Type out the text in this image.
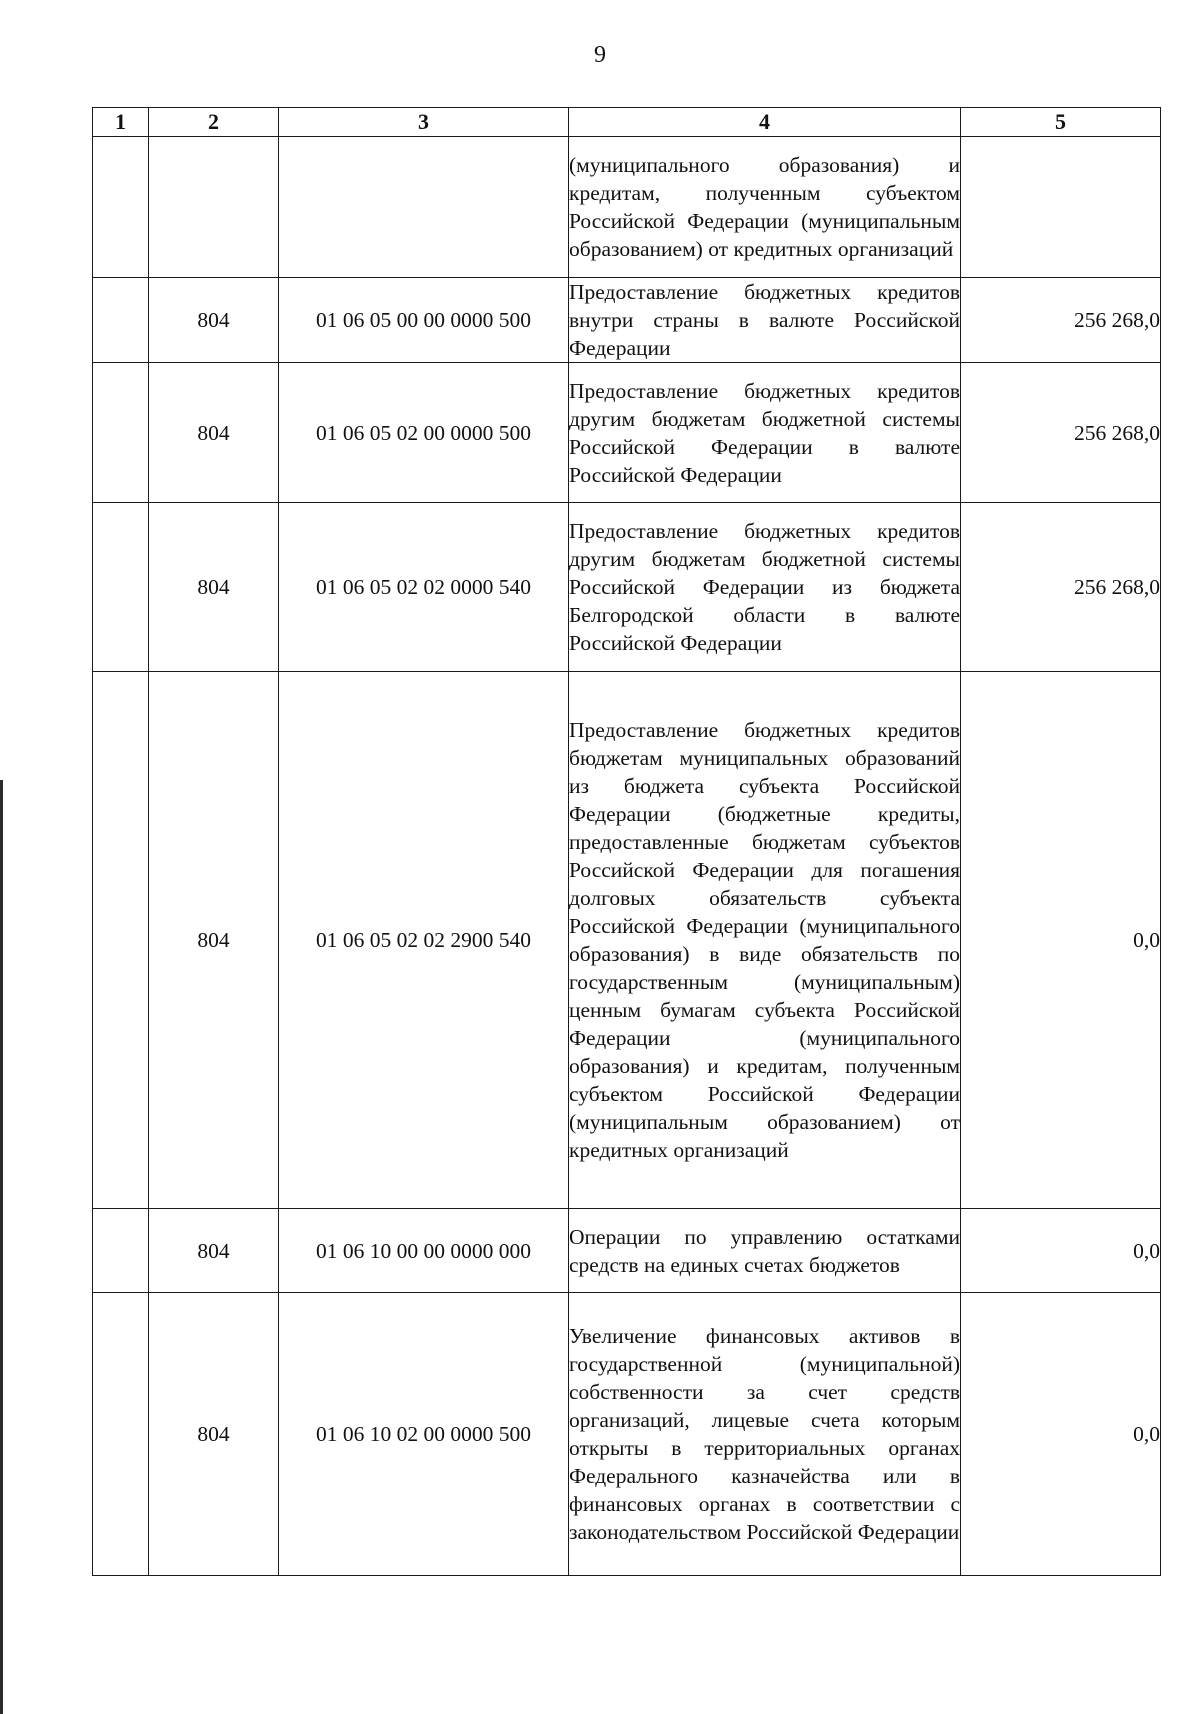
9
1	2	3	4	5

			(муниципального образования) и кредитам, полученным субъектом Российской Федерации (муниципальным образованием) от кредитных организаций	

	804	01 06 05 00 00 0000 500	Предоставление бюджетных кредитов внутри страны в валюте Российской Федерации	256 268,0
	804	01 06 05 02 00 0000 500	Предоставление бюджетных кредитов другим бюджетам бюджетной системы Российской Федерации в валюте Российской Федерации	256 268,0
	804	01 06 05 02 02 0000 540	Предоставление бюджетных кредитов другим бюджетам бюджетной системы Российской Федерации из бюджета Белгородской области в валюте Российской Федерации	256 268,0
	804	01 06 05 02 02 2900 540	Предоставление бюджетных кредитов бюджетам муниципальных образований из бюджета субъекта Российской Федерации (бюджетные кредиты, предоставленные бюджетам субъектов Российской Федерации для погашения долговых обязательств субъекта Российской Федерации (муниципального образования) в виде обязательств по государственным (муниципальным) ценным бумагам субъекта Российской Федерации (муниципального образования) и кредитам, полученным субъектом Российской Федерации (муниципальным образованием) от кредитных организаций	0,0
	804	01 06 10 00 00 0000 000	Операции по управлению остатками средств на единых счетах бюджетов	0,0
	804	01 06 10 02 00 0000 500	Увеличение финансовых активов в государственной (муниципальной) собственности за счет средств организаций, лицевые счета которым открыты в территориальных органах Федерального казначейства или в финансовых органах в соответствии с законодательством Российской Федерации	0,0
